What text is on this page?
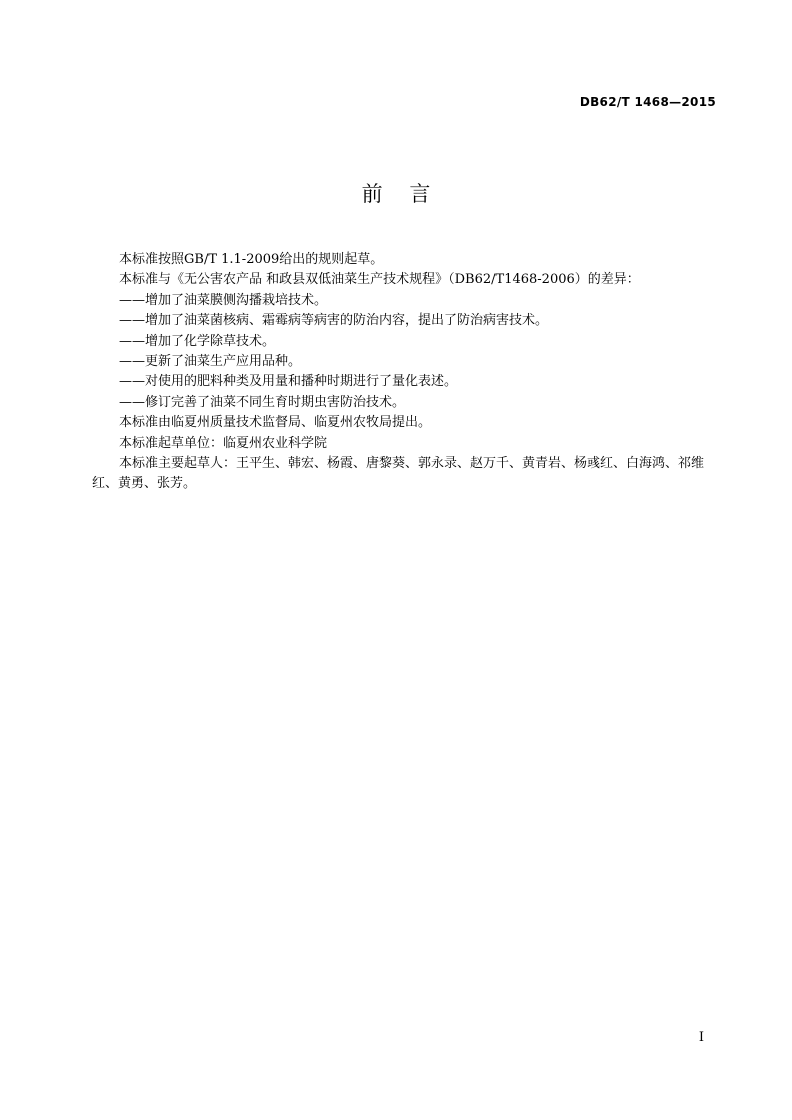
DB62/T 1468—2015
前    言

本标准按照GB/T 1.1-2009给出的规则起草。

本标准与《无公害农产品 和政县双低油菜生产技术规程》（DB62/T1468-2006）的差异：

——增加了油菜膜侧沟播栽培技术。

——增加了油菜菌核病、霜霉病等病害的防治内容，提出了防治病害技术。

——增加了化学除草技术。

——更新了油菜生产应用品种。

——对使用的肥料种类及用量和播种时期进行了量化表述。

——修订完善了油菜不同生育时期虫害防治技术。

本标准由临夏州质量技术监督局、临夏州农牧局提出。

本标准起草单位：临夏州农业科学院

本标准主要起草人：王平生、韩宏、杨霞、唐黎葵、郭永录、赵万千、黄青岩、杨彧红、白海鸿、祁维红、黄勇、张芳。

I
